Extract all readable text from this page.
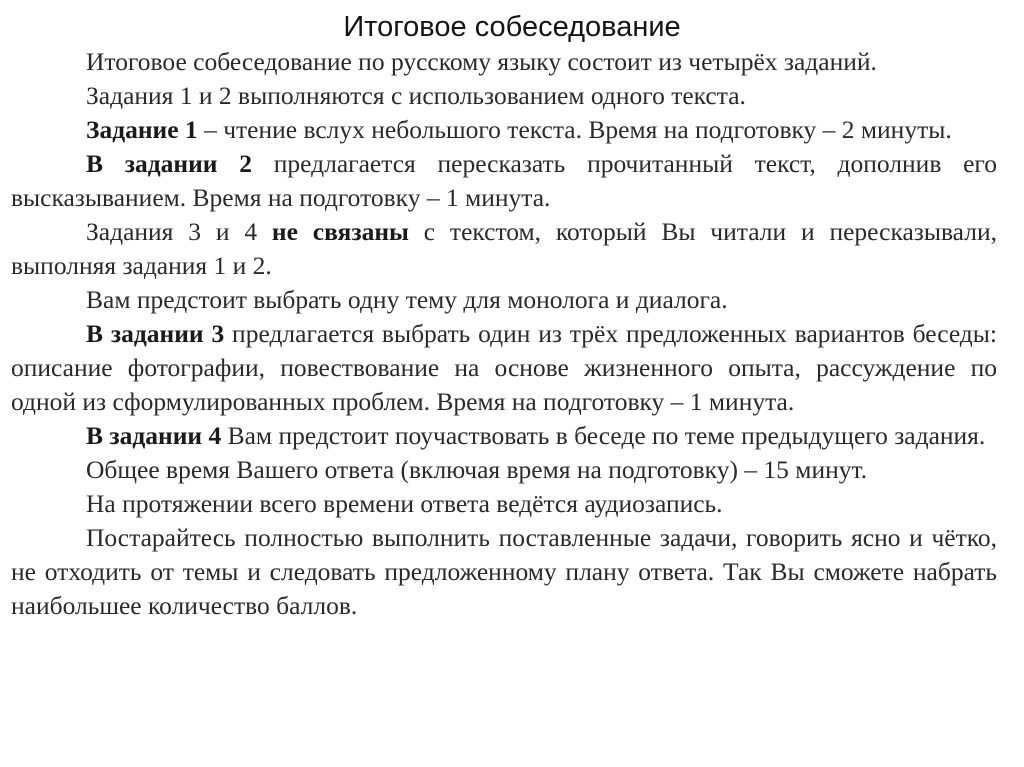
Итоговое собеседование

Итоговое собеседование по русскому языку состоит из четырёх заданий.

Задания 1 и 2 выполняются с использованием одного текста.

Задание 1 – чтение вслух небольшого текста. Время на подготовку – 2 минуты.

В задании 2 предлагается пересказать прочитанный текст, дополнив его высказыванием. Время на подготовку – 1 минута.

Задания 3 и 4 не связаны с текстом, который Вы читали и пересказывали, выполняя задания 1 и 2.

Вам предстоит выбрать одну тему для монолога и диалога.

В задании 3 предлагается выбрать один из трёх предложенных вариантов беседы: описание фотографии, повествование на основе жизненного опыта, рассуждение по одной из сформулированных проблем. Время на подготовку – 1 минута.

В задании 4 Вам предстоит поучаствовать в беседе по теме предыдущего задания.

Общее время Вашего ответа (включая время на подготовку) – 15 минут.

На протяжении всего времени ответа ведётся аудиозапись.

Постарайтесь полностью выполнить поставленные задачи, говорить ясно и чётко, не отходить от темы и следовать предложенному плану ответа. Так Вы сможете набрать наибольшее количество баллов.
